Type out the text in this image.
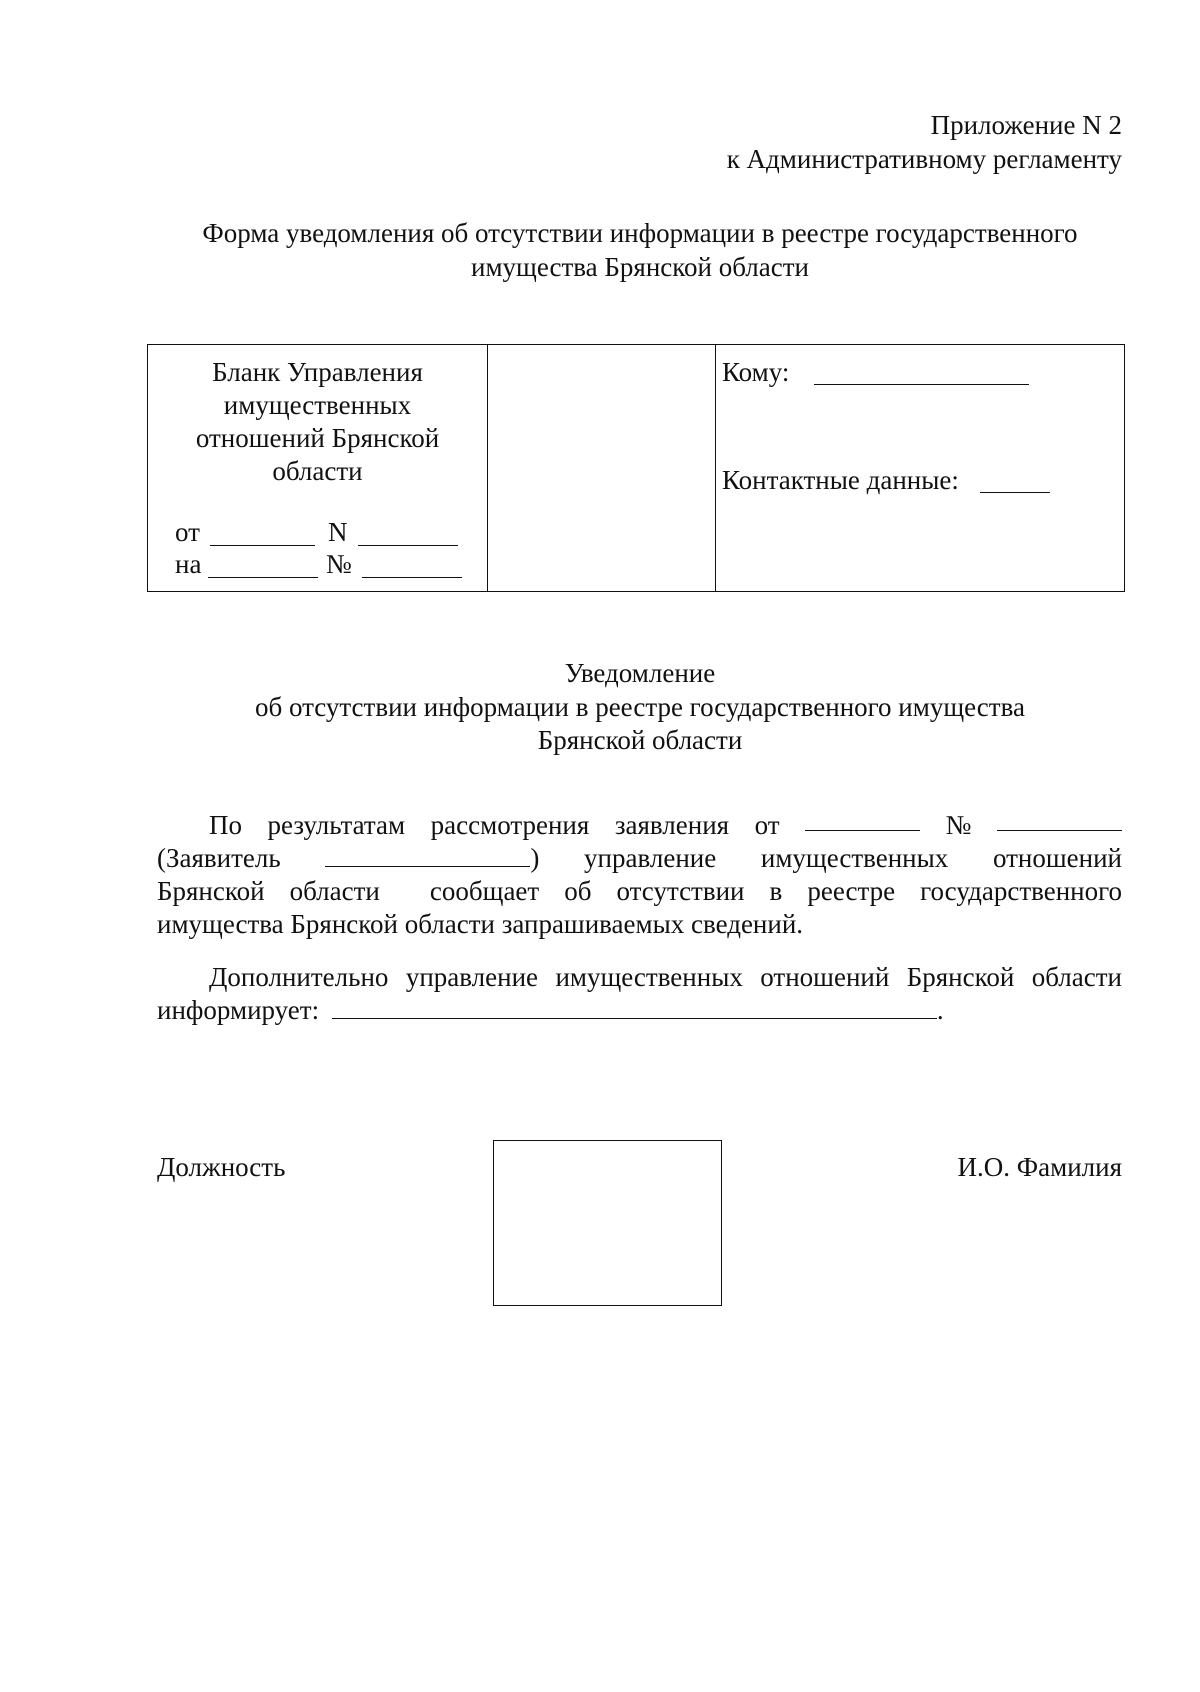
Приложение N 2
к Административному регламенту
Форма уведомления об отсутствии информации в реестре государственного
имущества Брянской области
Бланк Управления
имущественных
отношений Брянской
области
от	N
на	№
Кому:
Контактные данные:
Уведомление
об отсутствии информации в реестре государственного имущества
Брянской области
По результатам рассмотрения заявления от	№
(Заявитель	) управление имущественных отношений
Брянской области  сообщает об отсутствии в реестре государственного
имущества Брянской области запрашиваемых сведений.
Дополнительно управление имущественных отношений Брянской области
информирует:	.
Должность	И.О. Фамилия
